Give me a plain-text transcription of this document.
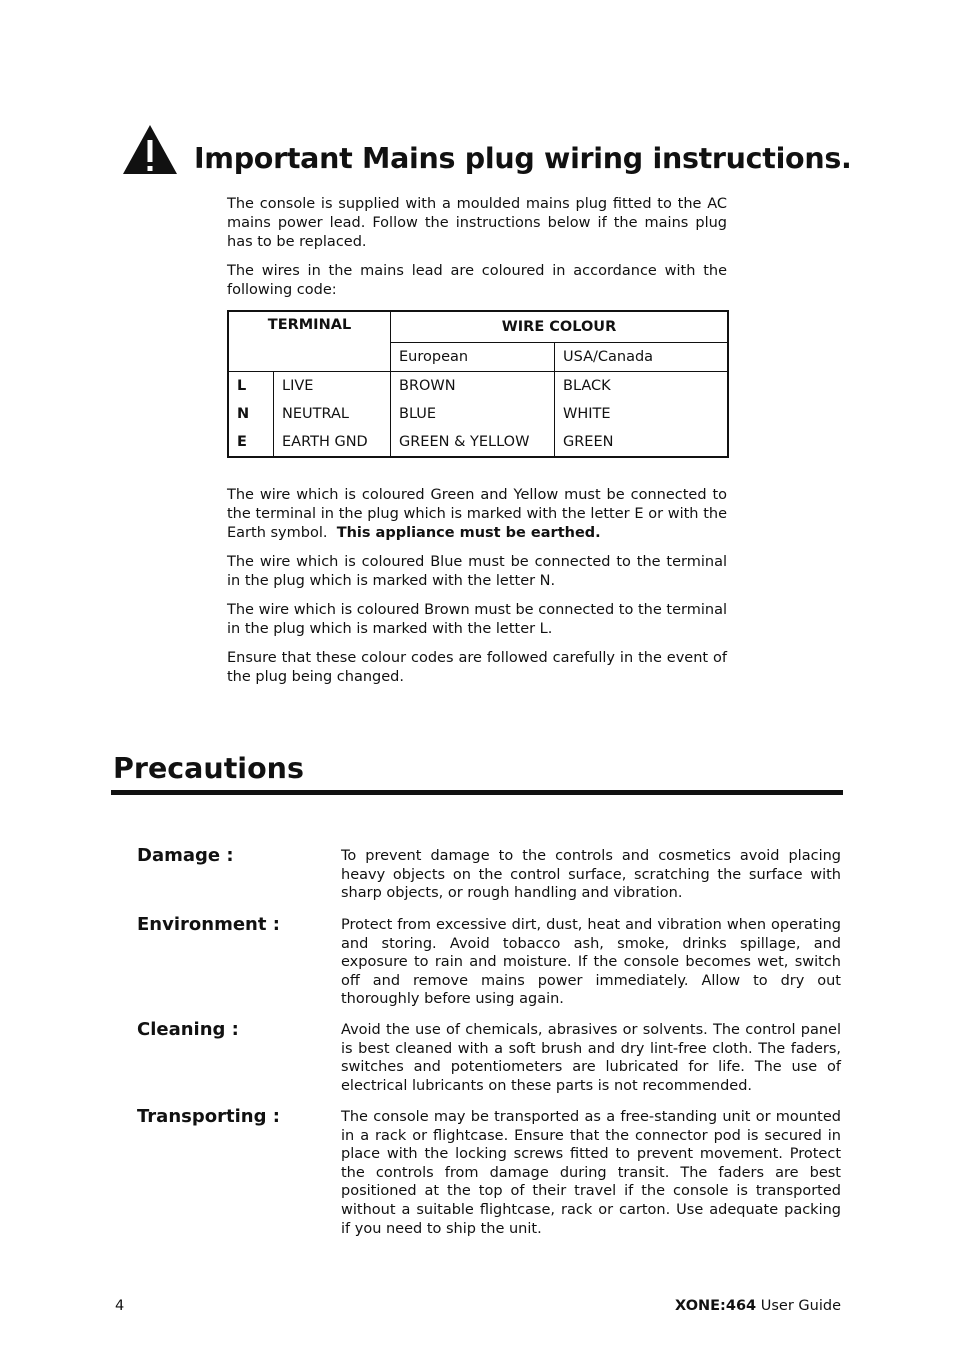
Important Mains plug wiring instructions.
The console is supplied with a moulded mains plug fitted to the AC mains power lead. Follow the instructions below if the mains plug has to be replaced.
The wires in the mains lead are coloured in accordance with the following code:
TERMINAL		WIRE COLOUR	
		European	USA/Canada
L	LIVE	BROWN	BLACK
N	NEUTRAL	BLUE	WHITE
E	EARTH GND	GREEN & YELLOW	GREEN
The wire which is coloured Green and Yellow must be connected to the terminal in the plug which is marked with the letter E or with the Earth symbol. This appliance must be earthed.
The wire which is coloured Blue must be connected to the terminal in the plug which is marked with the letter N.
The wire which is coloured Brown must be connected to the terminal in the plug which is marked with the letter L.
Ensure that these colour codes are followed carefully in the event of the plug being changed.
Precautions
Damage :	To prevent damage to the controls and cosmetics avoid placing heavy objects on the control surface, scratching the surface with sharp objects, or rough handling and vibration.
Environment :	Protect from excessive dirt, dust, heat and vibration when operating and storing. Avoid tobacco ash, smoke, drinks spillage, and exposure to rain and moisture. If the console becomes wet, switch off and remove mains power immediately. Allow to dry out thoroughly before using again.
Cleaning :	Avoid the use of chemicals, abrasives or solvents. The control panel is best cleaned with a soft brush and dry lint-free cloth. The faders, switches and potentiometers are lubricated for life. The use of electrical lubricants on these parts is not recommended.
Transporting :	The console may be transported as a free-standing unit or mounted in a rack or flightcase. Ensure that the connector pod is secured in place with the locking screws fitted to prevent movement. Protect the controls from damage during transit. The faders are best positioned at the top of their travel if the console is transported without a suitable flightcase, rack or carton. Use adequate packing if you need to ship the unit.
4	XONE:464 User Guide
